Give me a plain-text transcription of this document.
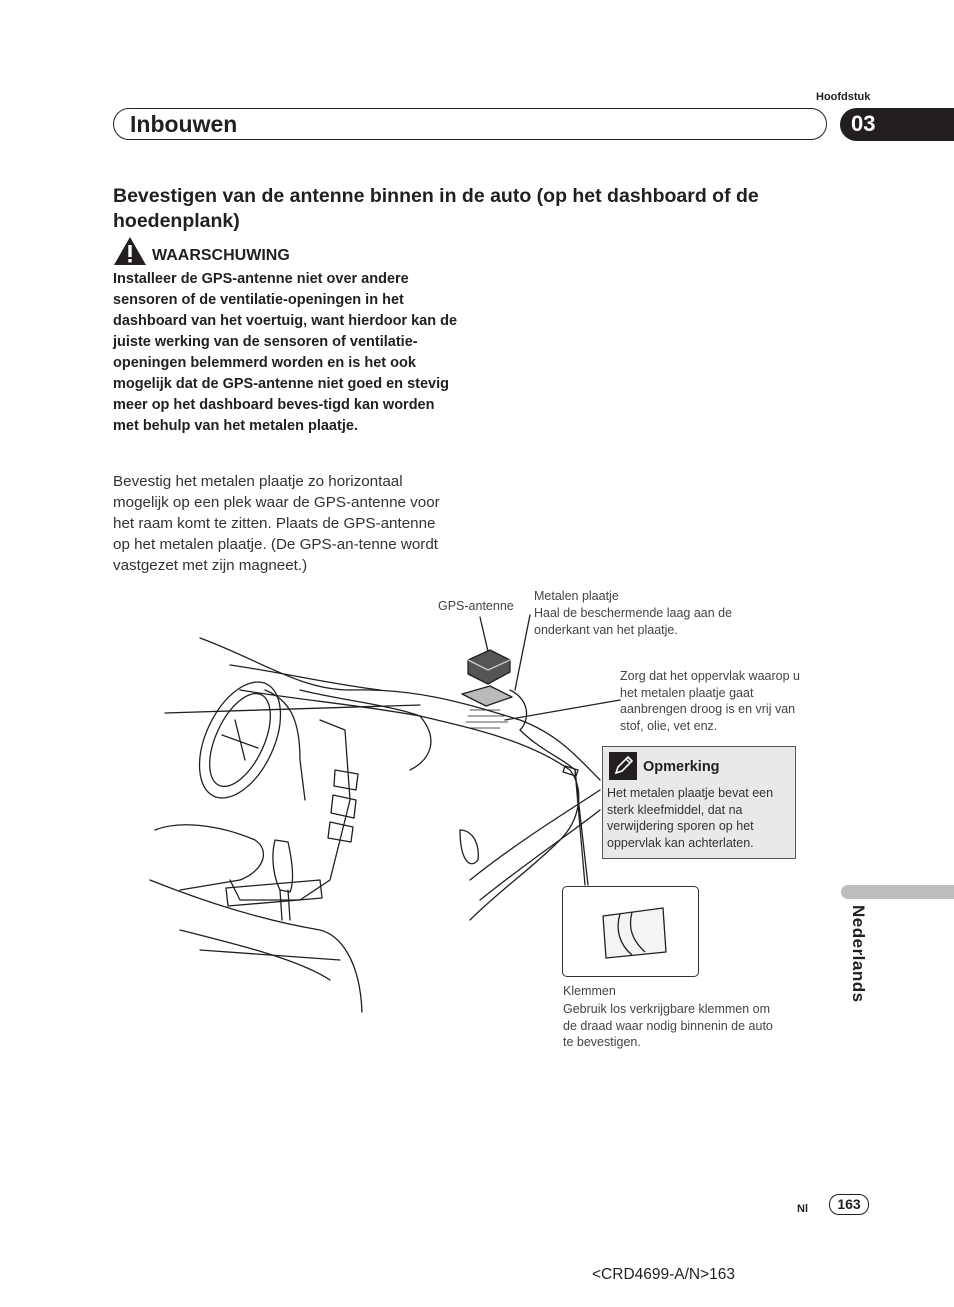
Hoofdstuk
Inbouwen	03
Bevestigen van de antenne binnen in de auto (op het dashboard of de hoedenplank)
WAARSCHUWING
Installeer de GPS-antenne niet over andere sensoren of de ventilatie-openingen in het dashboard van het voertuig, want hierdoor kan de juiste werking van de sensoren of ventilatie-openingen belemmerd worden en is het ook mogelijk dat de GPS-antenne niet goed en stevig meer op het dashboard beves-tigd kan worden met behulp van het metalen plaatje.
Bevestig het metalen plaatje zo horizontaal mogelijk op een plek waar de GPS-antenne voor het raam komt te zitten. Plaats de GPS-antenne op het metalen plaatje. (De GPS-an-tenne wordt vastgezet met zijn magneet.)
GPS-antenne
Metalen plaatje
Haal de beschermende laag aan de onderkant van het plaatje.
Zorg dat het oppervlak waarop u het metalen plaatje gaat aanbrengen droog is en vrij van stof, olie, vet enz.
Opmerking
Het metalen plaatje bevat een sterk kleefmiddel, dat na verwijdering sporen op het oppervlak kan achterlaten.
Klemmen
Gebruik los verkrijgbare klemmen om de draad waar nodig binnenin de auto te bevestigen.
Nederlands
Nl	163
<CRD4699-A/N>163
